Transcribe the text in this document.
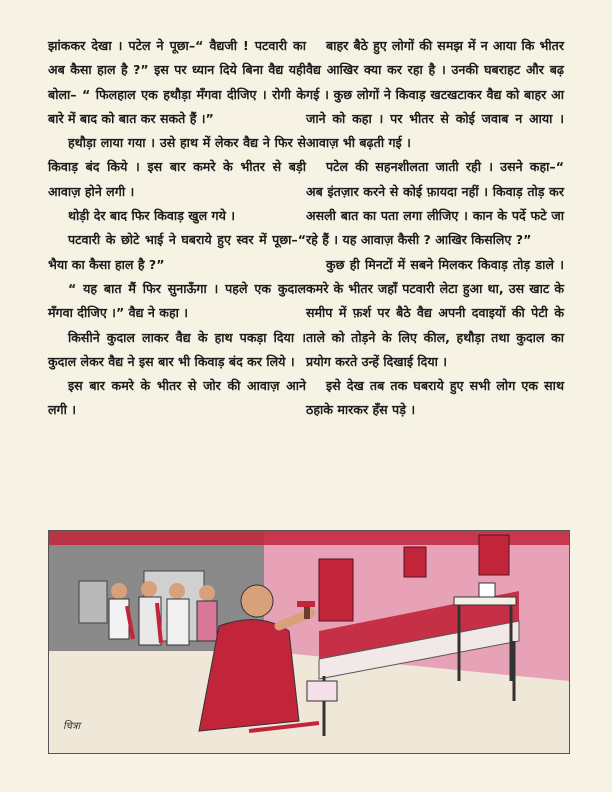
झांककर देखा । पटेल ने पूछा–“ वैद्यजी ! पटवारी का अब कैसा हाल है ?” इस पर ध्यान दिये बिना वैद्य यही बोला– “ फिलहाल एक हथौड़ा मँगवा दीजिए । रोगी के बारे में बाद को बात कर सकते हैं ।”

हथौड़ा लाया गया । उसे हाथ में लेकर वैद्य ने फिर से किवाड़ बंद किये । इस बार कमरे के भीतर से बड़ी आवाज़ होने लगी ।

थोड़ी देर बाद फिर किवाड़ खुल गये ।

पटवारी के छोटे भाई ने घबराये हुए स्वर में पूछा–“ भैया का कैसा हाल है ?”

“ यह बात मैं फिर सुनाऊँगा । पहले एक कुदाल मँगवा दीजिए ।” वैद्य ने कहा ।

किसीने कुदाल लाकर वैद्य के हाथ पकड़ा दिया । कुदाल लेकर वैद्य ने इस बार भी किवाड़ बंद कर लिये ।

इस बार कमरे के भीतर से जोर की आवाज़ आने लगी ।

बाहर बैठे हुए लोगों की समझ में न आया कि भीतर वैद्य आखिर क्या कर रहा है । उनकी घबराहट और बढ़ गई । कुछ लोगों ने किवाड़ खटखटाकर वैद्य को बाहर आ जाने को कहा । पर भीतर से कोई जवाब न आया । आवाज़ भी बढ़ती गई ।

पटेल की सहनशीलता जाती रही । उसने कहा–“ अब इंतज़ार करने से कोई फ़ायदा नहीं । किवाड़ तोड़ कर असली बात का पता लगा लीजिए । कान के पर्दे फटे जा रहे हैं । यह आवाज़ कैसी ? आखिर किसलिए ?”

कुछ ही मिनटों में सबने मिलकर किवाड़ तोड़ डाले । कमरे के भीतर जहाँ पटवारी लेटा हुआ था, उस खाट के समीप में फ़र्श पर बैठे वैद्य अपनी दवाइयों की पेटी के ताले को तोड़ने के लिए कील, हथौड़ा तथा कुदाल का प्रयोग करते उन्हें दिखाई दिया ।

इसे देख तब तक घबराये हुए सभी लोग एक साथ ठहाके मारकर हँस पड़े ।

चित्रा
